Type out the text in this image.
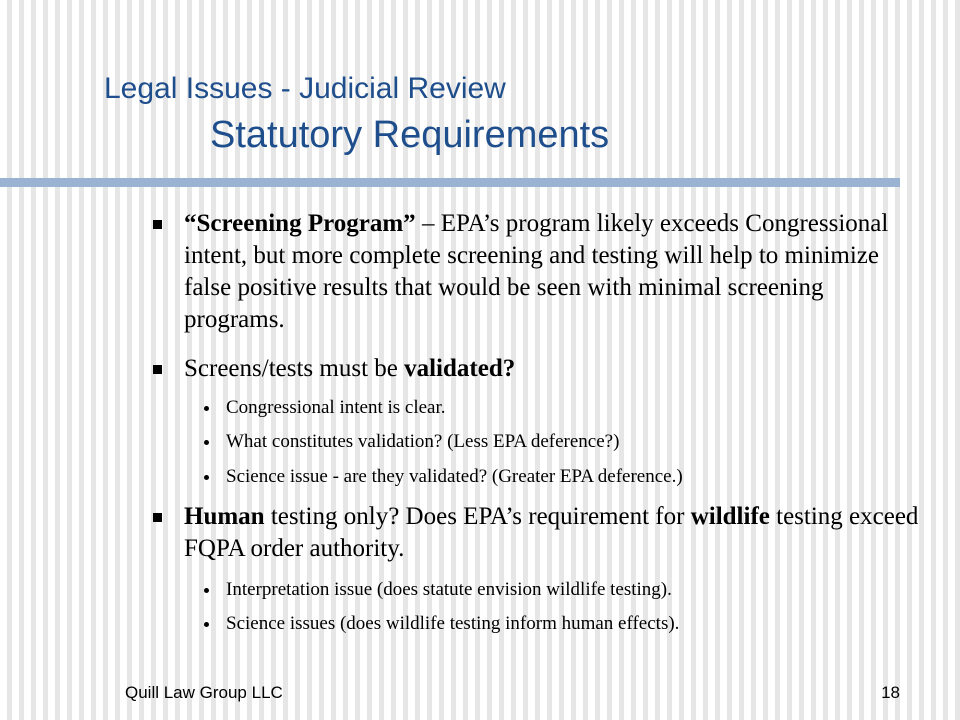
Legal Issues - Judicial Review
Statutory Requirements
“Screening Program” – EPA’s program likely exceeds Congressional intent, but more complete screening and testing will help to minimize false positive results that would be seen with minimal screening programs.
Screens/tests must be validated?
Congressional intent is clear.
What constitutes validation? (Less EPA deference?)
Science issue - are they validated? (Greater EPA deference.)
Human testing only? Does EPA’s requirement for wildlife testing exceed FQPA order authority.
Interpretation issue (does statute envision wildlife testing).
Science issues (does wildlife testing inform human effects).
Quill Law Group LLC	18
